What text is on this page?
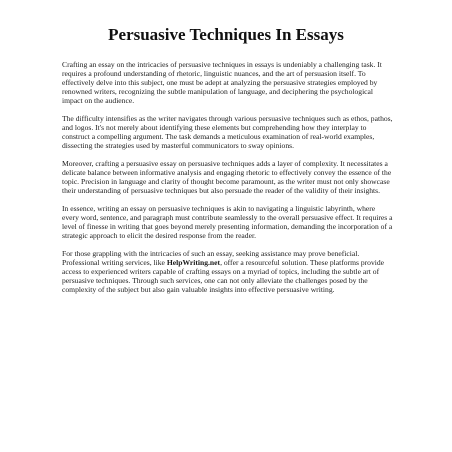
Persuasive Techniques In Essays

Crafting an essay on the intricacies of persuasive techniques in essays is undeniably a challenging task. It requires a profound understanding of rhetoric, linguistic nuances, and the art of persuasion itself. To effectively delve into this subject, one must be adept at analyzing the persuasive strategies employed by renowned writers, recognizing the subtle manipulation of language, and deciphering the psychological impact on the audience.

The difficulty intensifies as the writer navigates through various persuasive techniques such as ethos, pathos, and logos. It's not merely about identifying these elements but comprehending how they interplay to construct a compelling argument. The task demands a meticulous examination of real-world examples, dissecting the strategies used by masterful communicators to sway opinions.

Moreover, crafting a persuasive essay on persuasive techniques adds a layer of complexity. It necessitates a delicate balance between informative analysis and engaging rhetoric to effectively convey the essence of the topic. Precision in language and clarity of thought become paramount, as the writer must not only showcase their understanding of persuasive techniques but also persuade the reader of the validity of their insights.

In essence, writing an essay on persuasive techniques is akin to navigating a linguistic labyrinth, where every word, sentence, and paragraph must contribute seamlessly to the overall persuasive effect. It requires a level of finesse in writing that goes beyond merely presenting information, demanding the incorporation of a strategic approach to elicit the desired response from the reader.

For those grappling with the intricacies of such an essay, seeking assistance may prove beneficial. Professional writing services, like HelpWriting.net, offer a resourceful solution. These platforms provide access to experienced writers capable of crafting essays on a myriad of topics, including the subtle art of persuasive techniques. Through such services, one can not only alleviate the challenges posed by the complexity of the subject but also gain valuable insights into effective persuasive writing.
